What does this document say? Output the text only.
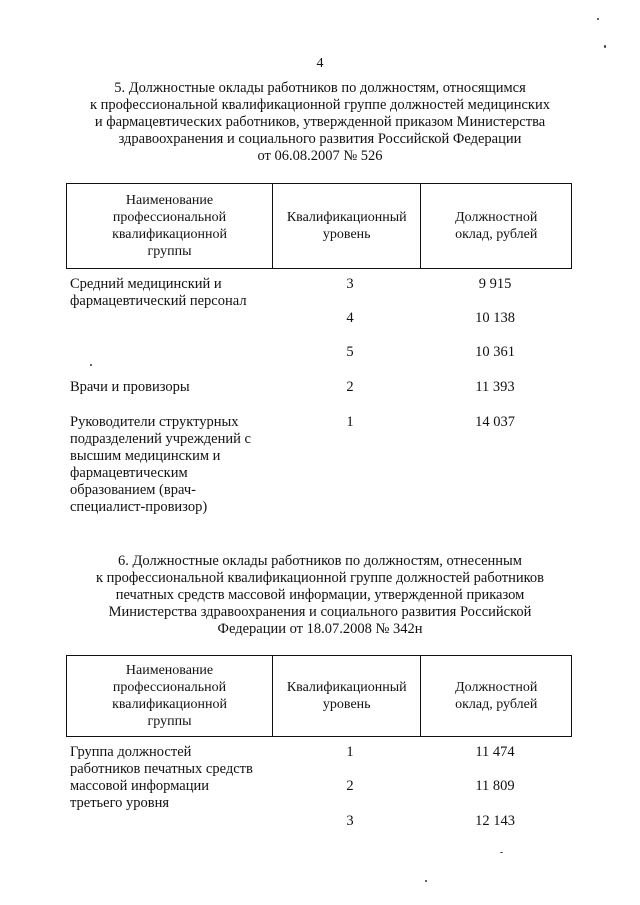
4
5. Должностные оклады работников по должностям, относящимся
к профессиональной квалификационной группе должностей медицинских
и фармацевтических работников, утвержденной приказом Министерства
здравоохранения и социального развития Российской Федерации
от 06.08.2007 № 526
Наименование
профессиональной
квалификационной
группы

Квалификационный
уровень

Должностной
оклад, рублей
Средний медицинский и
фармацевтический персонал
3	9 915
4	10 138
5	10 361
Врачи и провизоры	2	11 393
Руководители структурных
подразделений учреждений с
высшим медицинским и
фармацевтическим
образованием (врач-
специалист-провизор)
1	14 037
6. Должностные оклады работников по должностям, отнесенным
к профессиональной квалификационной группе должностей работников
печатных средств массовой информации, утвержденной приказом
Министерства здравоохранения и социального развития Российской
Федерации от 18.07.2008 № 342н
Наименование
профессиональной
квалификационной
группы

Квалификационный
уровень

Должностной
оклад, рублей
Группа должностей
работников печатных средств
массовой информации
третьего уровня
1	11 474
2	11 809
3	12 143
